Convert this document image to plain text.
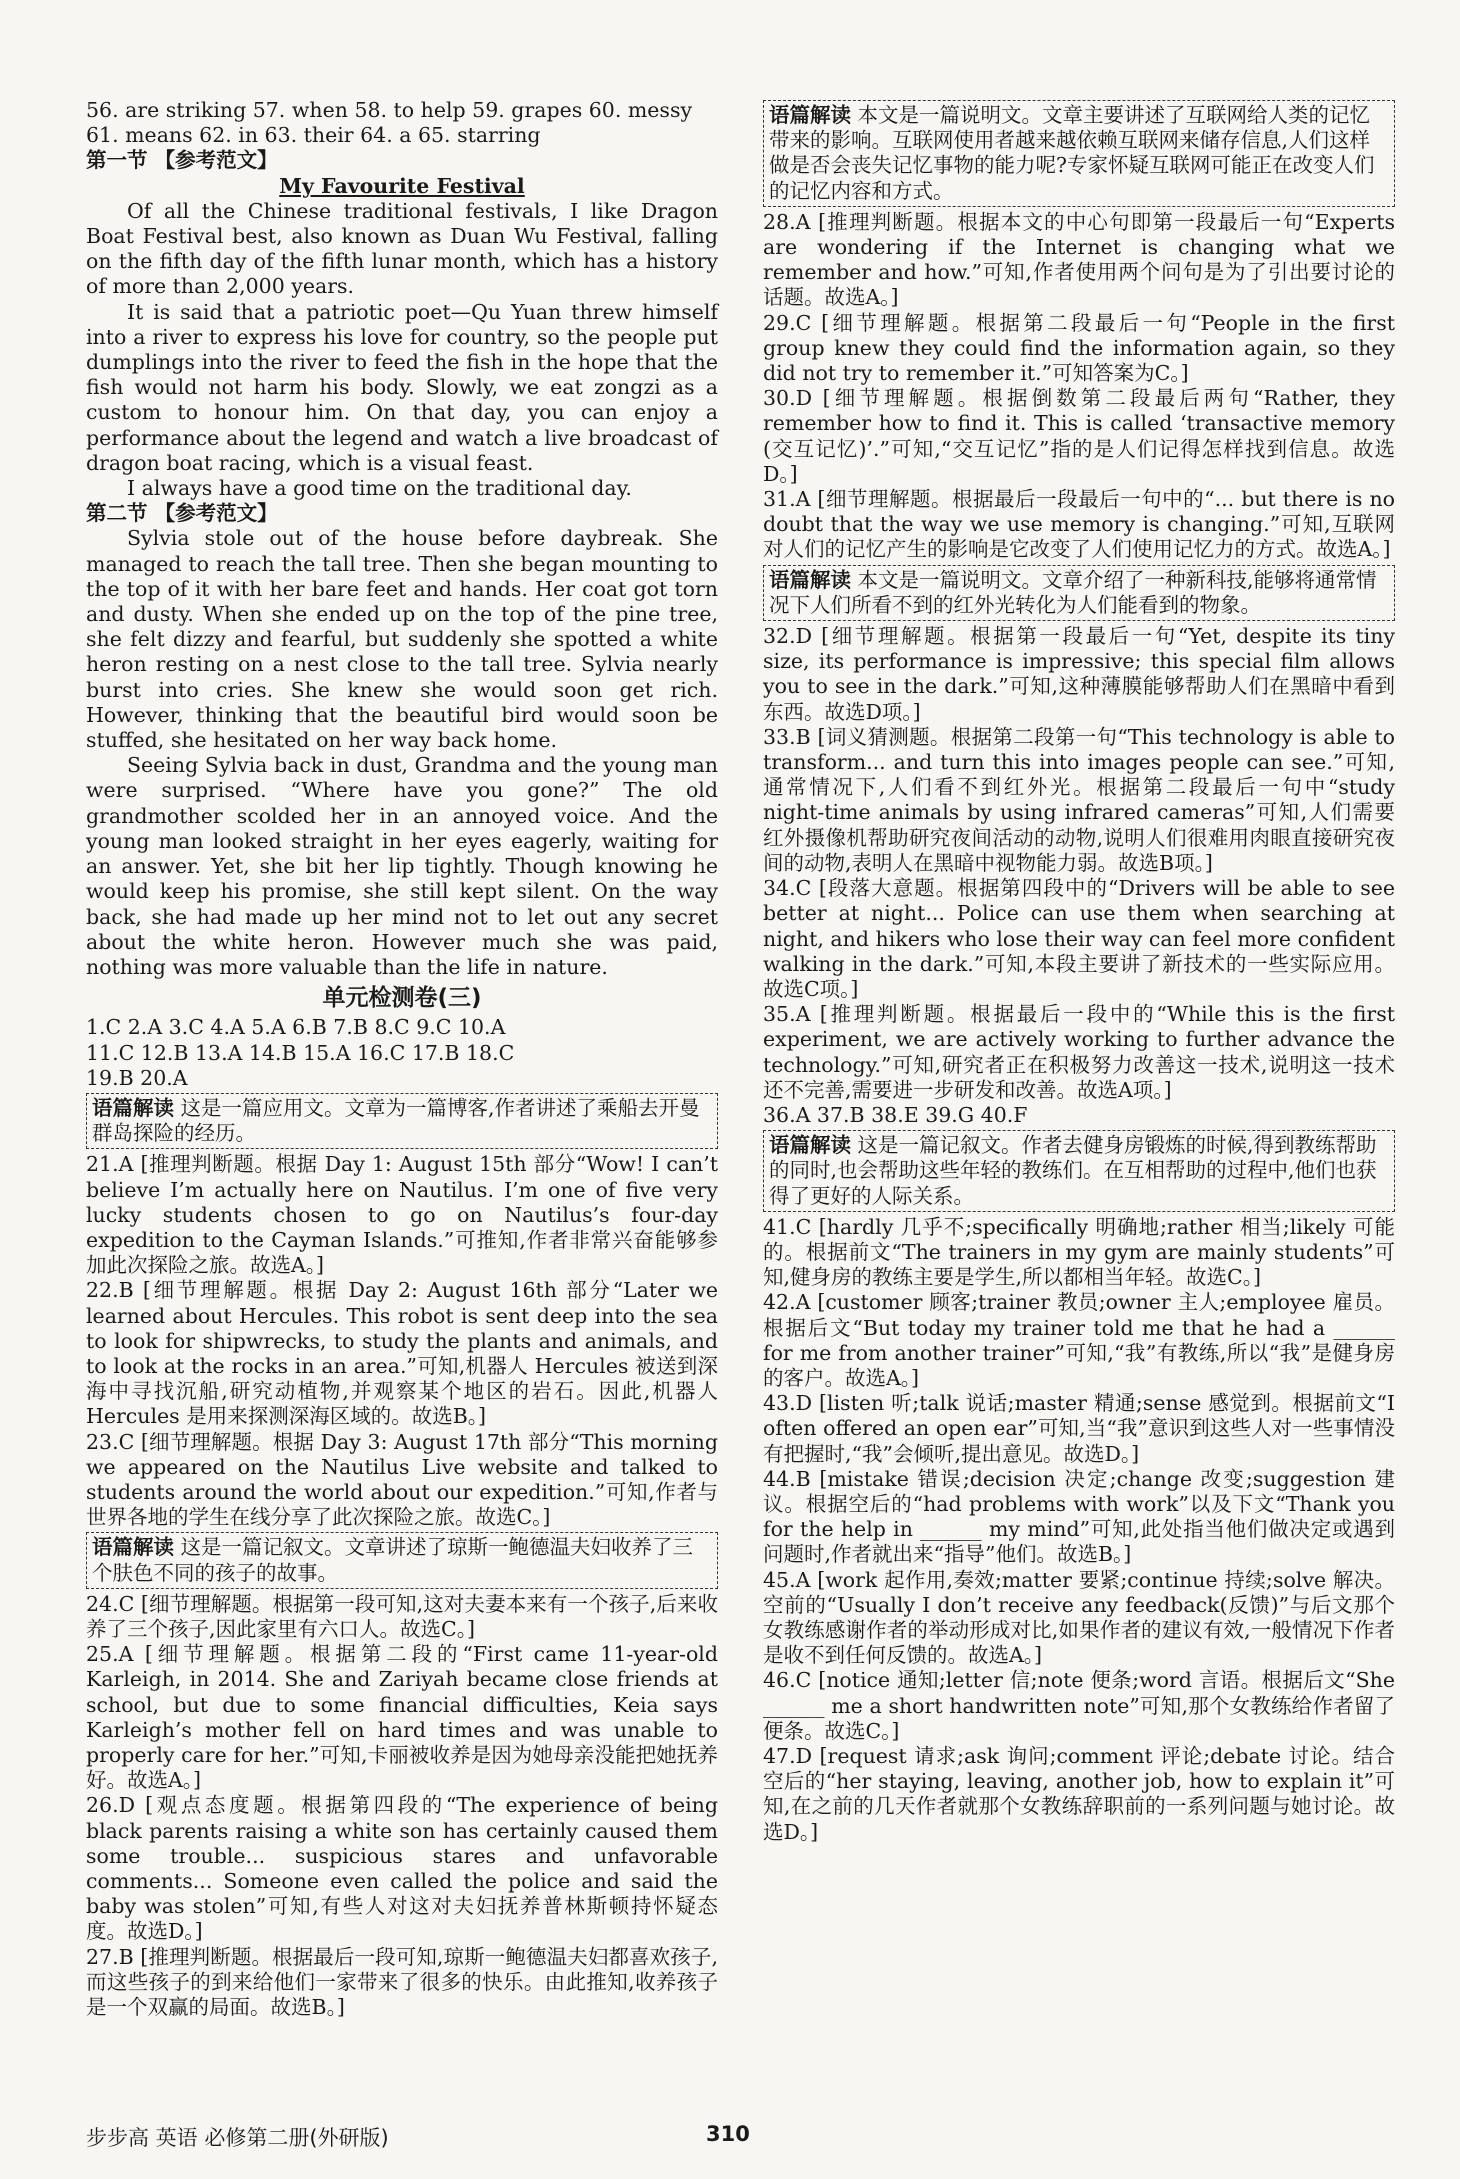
56. are striking 57. when 58. to help 59. grapes 60. messy

61. means 62. in 63. their 64. a 65. starring

第一节 【参考范文】

My Favourite Festival

Of all the Chinese traditional festivals, I like Dragon Boat Festival best, also known as Duan Wu Festival, falling on the fifth day of the fifth lunar month, which has a history of more than 2,000 years.

It is said that a patriotic poet—Qu Yuan threw himself into a river to express his love for country, so the people put dumplings into the river to feed the fish in the hope that the fish would not harm his body. Slowly, we eat zongzi as a custom to honour him. On that day, you can enjoy a performance about the legend and watch a live broadcast of dragon boat racing, which is a visual feast.

I always have a good time on the traditional day.

第二节 【参考范文】

Sylvia stole out of the house before daybreak. She managed to reach the tall tree. Then she began mounting to the top of it with her bare feet and hands. Her coat got torn and dusty. When she ended up on the top of the pine tree, she felt dizzy and fearful, but suddenly she spotted a white heron resting on a nest close to the tall tree. Sylvia nearly burst into cries. She knew she would soon get rich. However, thinking that the beautiful bird would soon be stuffed, she hesitated on her way back home.

Seeing Sylvia back in dust, Grandma and the young man were surprised. “Where have you gone?” The old grandmother scolded her in an annoyed voice. And the young man looked straight in her eyes eagerly, waiting for an answer. Yet, she bit her lip tightly. Though knowing he would keep his promise, she still kept silent. On the way back, she had made up her mind not to let out any secret about the white heron. However much she was paid, nothing was more valuable than the life in nature.

单元检测卷(三)

1.C 2.A 3.C 4.A 5.A 6.B 7.B 8.C 9.C 10.A

11.C 12.B 13.A 14.B 15.A 16.C 17.B 18.C

19.B 20.A

语篇解读 这是一篇应用文。文章为一篇博客,作者讲述了乘船去开曼群岛探险的经历。

21.A [推理判断题。根据 Day 1: August 15th 部分“Wow! I can’t believe I’m actually here on Nautilus. I’m one of five very lucky students chosen to go on Nautilus’s four-day expedition to the Cayman Islands.”可推知,作者非常兴奋能够参加此次探险之旅。故选A。]

22.B [细节理解题。根据 Day 2: August 16th 部分“Later we learned about Hercules. This robot is sent deep into the sea to look for shipwrecks, to study the plants and animals, and to look at the rocks in an area.”可知,机器人 Hercules 被送到深海中寻找沉船,研究动植物,并观察某个地区的岩石。因此,机器人 Hercules 是用来探测深海区域的。故选B。]

23.C [细节理解题。根据 Day 3: August 17th 部分“This morning we appeared on the Nautilus Live website and talked to students around the world about our expedition.”可知,作者与世界各地的学生在线分享了此次探险之旅。故选C。]

语篇解读 这是一篇记叙文。文章讲述了琼斯一鲍德温夫妇收养了三个肤色不同的孩子的故事。

24.C [细节理解题。根据第一段可知,这对夫妻本来有一个孩子,后来收养了三个孩子,因此家里有六口人。故选C。]

25.A [细节理解题。根据第二段的“First came 11-year-old Karleigh, in 2014. She and Zariyah became close friends at school, but due to some financial difficulties, Keia says Karleigh’s mother fell on hard times and was unable to properly care for her.”可知,卡丽被收养是因为她母亲没能把她抚养好。故选A。]

26.D [观点态度题。根据第四段的“The experience of being black parents raising a white son has certainly caused them some trouble... suspicious stares and unfavorable comments... Someone even called the police and said the baby was stolen”可知,有些人对这对夫妇抚养普林斯顿持怀疑态度。故选D。]

27.B [推理判断题。根据最后一段可知,琼斯一鲍德温夫妇都喜欢孩子,而这些孩子的到来给他们一家带来了很多的快乐。由此推知,收养孩子是一个双赢的局面。故选B。]

语篇解读 本文是一篇说明文。文章主要讲述了互联网给人类的记忆带来的影响。互联网使用者越来越依赖互联网来储存信息,人们这样做是否会丧失记忆事物的能力呢?专家怀疑互联网可能正在改变人们的记忆内容和方式。

28.A [推理判断题。根据本文的中心句即第一段最后一句“Experts are wondering if the Internet is changing what we remember and how.”可知,作者使用两个问句是为了引出要讨论的话题。故选A。]

29.C [细节理解题。根据第二段最后一句“People in the first group knew they could find the information again, so they did not try to remember it.”可知答案为C。]

30.D [细节理解题。根据倒数第二段最后两句“Rather, they remember how to find it. This is called ‘transactive memory (交互记忆)’.”可知,“交互记忆”指的是人们记得怎样找到信息。故选D。]

31.A [细节理解题。根据最后一段最后一句中的“... but there is no doubt that the way we use memory is changing.”可知,互联网对人们的记忆产生的影响是它改变了人们使用记忆力的方式。故选A。]

语篇解读 本文是一篇说明文。文章介绍了一种新科技,能够将通常情况下人们所看不到的红外光转化为人们能看到的物象。

32.D [细节理解题。根据第一段最后一句“Yet, despite its tiny size, its performance is impressive; this special film allows you to see in the dark.”可知,这种薄膜能够帮助人们在黑暗中看到东西。故选D项。]

33.B [词义猜测题。根据第二段第一句“This technology is able to transform... and turn this into images people can see.”可知,通常情况下,人们看不到红外光。根据第二段最后一句中“study night-time animals by using infrared cameras”可知,人们需要红外摄像机帮助研究夜间活动的动物,说明人们很难用肉眼直接研究夜间的动物,表明人在黑暗中视物能力弱。故选B项。]

34.C [段落大意题。根据第四段中的“Drivers will be able to see better at night... Police can use them when searching at night, and hikers who lose their way can feel more confident walking in the dark.”可知,本段主要讲了新技术的一些实际应用。故选C项。]

35.A [推理判断题。根据最后一段中的“While this is the first experiment, we are actively working to further advance the technology.”可知,研究者正在积极努力改善这一技术,说明这一技术还不完善,需要进一步研发和改善。故选A项。]

36.A 37.B 38.E 39.G 40.F

语篇解读 这是一篇记叙文。作者去健身房锻炼的时候,得到教练帮助的同时,也会帮助这些年轻的教练们。在互相帮助的过程中,他们也获得了更好的人际关系。

41.C [hardly 几乎不;specifically 明确地;rather 相当;likely 可能的。根据前文“The trainers in my gym are mainly students”可知,健身房的教练主要是学生,所以都相当年轻。故选C。]

42.A [customer 顾客;trainer 教员;owner 主人;employee 雇员。根据后文“But today my trainer told me that he had a ______ for me from another trainer”可知,“我”有教练,所以“我”是健身房的客户。故选A。]

43.D [listen 听;talk 说话;master 精通;sense 感觉到。根据前文“I often offered an open ear”可知,当“我”意识到这些人对一些事情没有把握时,“我”会倾听,提出意见。故选D。]

44.B [mistake 错误;decision 决定;change 改变;suggestion 建议。根据空后的“had problems with work”以及下文“Thank you for the help in ______ my mind”可知,此处指当他们做决定或遇到问题时,作者就出来“指导”他们。故选B。]

45.A [work 起作用,奏效;matter 要紧;continue 持续;solve 解决。空前的“Usually I don’t receive any feedback(反馈)”与后文那个女教练感谢作者的举动形成对比,如果作者的建议有效,一般情况下作者是收不到任何反馈的。故选A。]

46.C [notice 通知;letter 信;note 便条;word 言语。根据后文“She ______ me a short handwritten note”可知,那个女教练给作者留了便条。故选C。]

47.D [request 请求;ask 询问;comment 评论;debate 讨论。结合空后的“her staying, leaving, another job, how to explain it”可知,在之前的几天作者就那个女教练辞职前的一系列问题与她讨论。故选D。]

步步高 英语 必修第二册(外研版)	310
